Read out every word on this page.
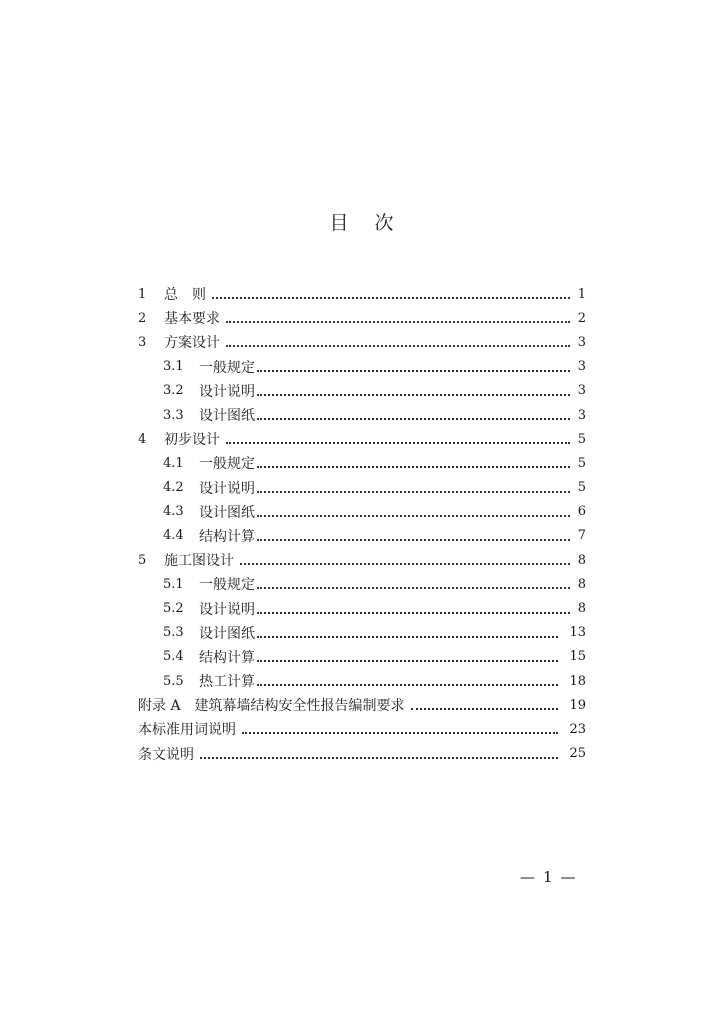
目 次
1	总　则	1
2	基本要求	2
3	方案设计	3
3.1	一般规定	3
3.2	设计说明	3
3.3	设计图纸	3
4	初步设计	5
4.1	一般规定	5
4.2	设计说明	5
4.3	设计图纸	6
4.4	结构计算	7
5	施工图设计	8
5.1	一般规定	8
5.2	设计说明	8
5.3	设计图纸	13
5.4	结构计算	15
5.5	热工计算	18
附录 A　建筑幕墙结构安全性报告编制要求	19
本标准用词说明	23
条文说明	25
— 1 —
